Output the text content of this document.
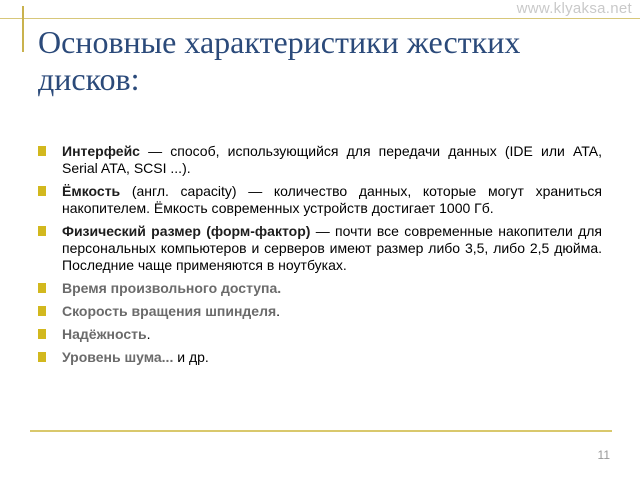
www.klyaksa.net
Основные характеристики жестких дисков:
Интерфейс — способ, использующийся для передачи данных (IDE или ATA, Serial ATA, SCSI ...).
Ёмкость (англ. capacity) — количество данных, которые могут храниться накопителем. Ёмкость современных устройств достигает 1000 Гб.
Физический размер (форм-фактор) — почти все современные накопители для персональных компьютеров и серверов имеют размер либо 3,5, либо 2,5 дюйма. Последние чаще применяются в ноутбуках.
Время произвольного доступа.
Скорость вращения шпинделя.
Надёжность.
Уровень шума... и др.
11
